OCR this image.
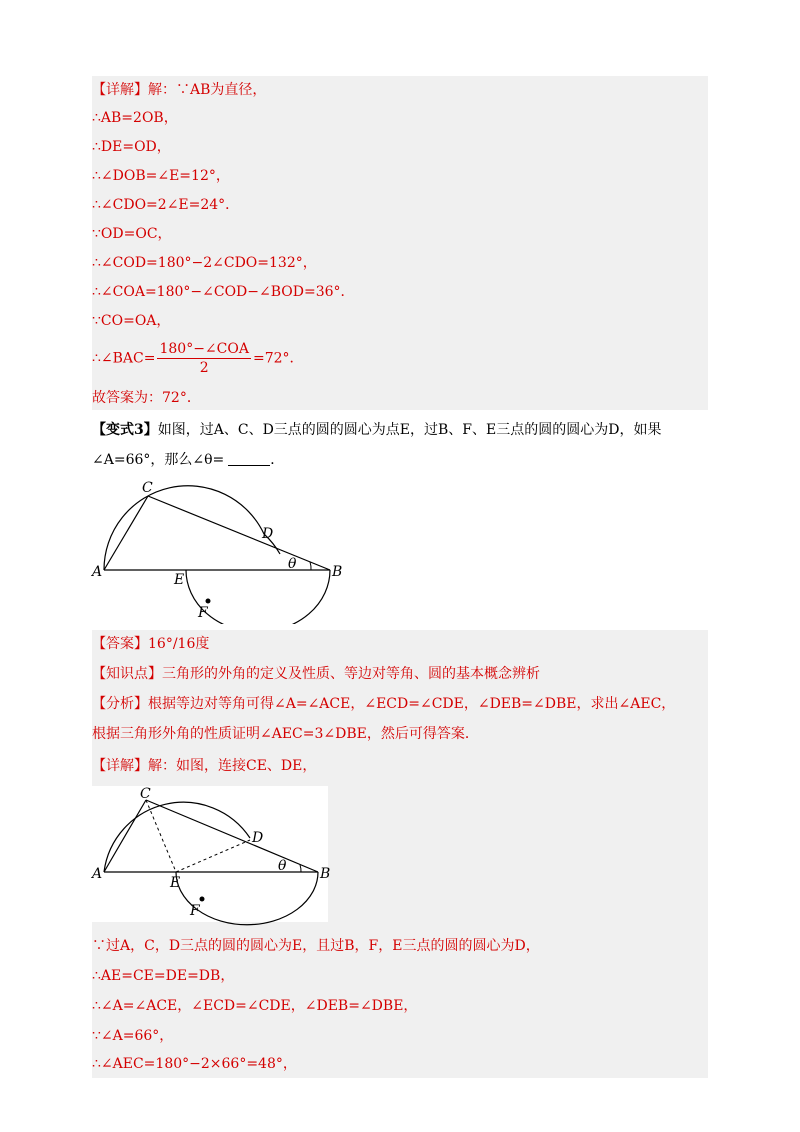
【详解】解：∵AB为直径，
∴AB=2OB，
∴DE=OD，
∴∠DOB=∠E=12°，
∴∠CDO=2∠E=24°．
∵OD=OC，
∴∠COD=180°−2∠CDO=132°，
∴∠COA=180°−∠COD−∠BOD=36°．
∵CO=OA，
∴∠BAC= $\frac{\text{180°−∠COA}}{2} =72^\circ$．
故答案为：72°．
【变式3】如图，过A、C、D三点的圆的圆心为点E，过B、F、E三点的圆的圆心为D，如果
∠A=66°，那么∠θ=	．
C
D
θ
A	B
E
F
【答案】16°/16度
【知识点】三角形的外角的定义及性质、等边对等角、圆的基本概念辨析
【分析】根据等边对等角可得∠A=∠ACE，∠ECD=∠CDE，∠DEB=∠DBE，求出∠AEC，
根据三角形外角的性质证明∠AEC=3∠DBE，然后可得答案．
【详解】解：如图，连接CE、DE，
C
D
θ
A	B
E
F
∵过A，C，D三点的圆的圆心为E，且过B，F，E三点的圆的圆心为D，
∴AE=CE=DE=DB，
∴∠A=∠ACE，∠ECD=∠CDE，∠DEB=∠DBE，
∵∠A=66°，
∴∠AEC=180°−2×66°=48°，
